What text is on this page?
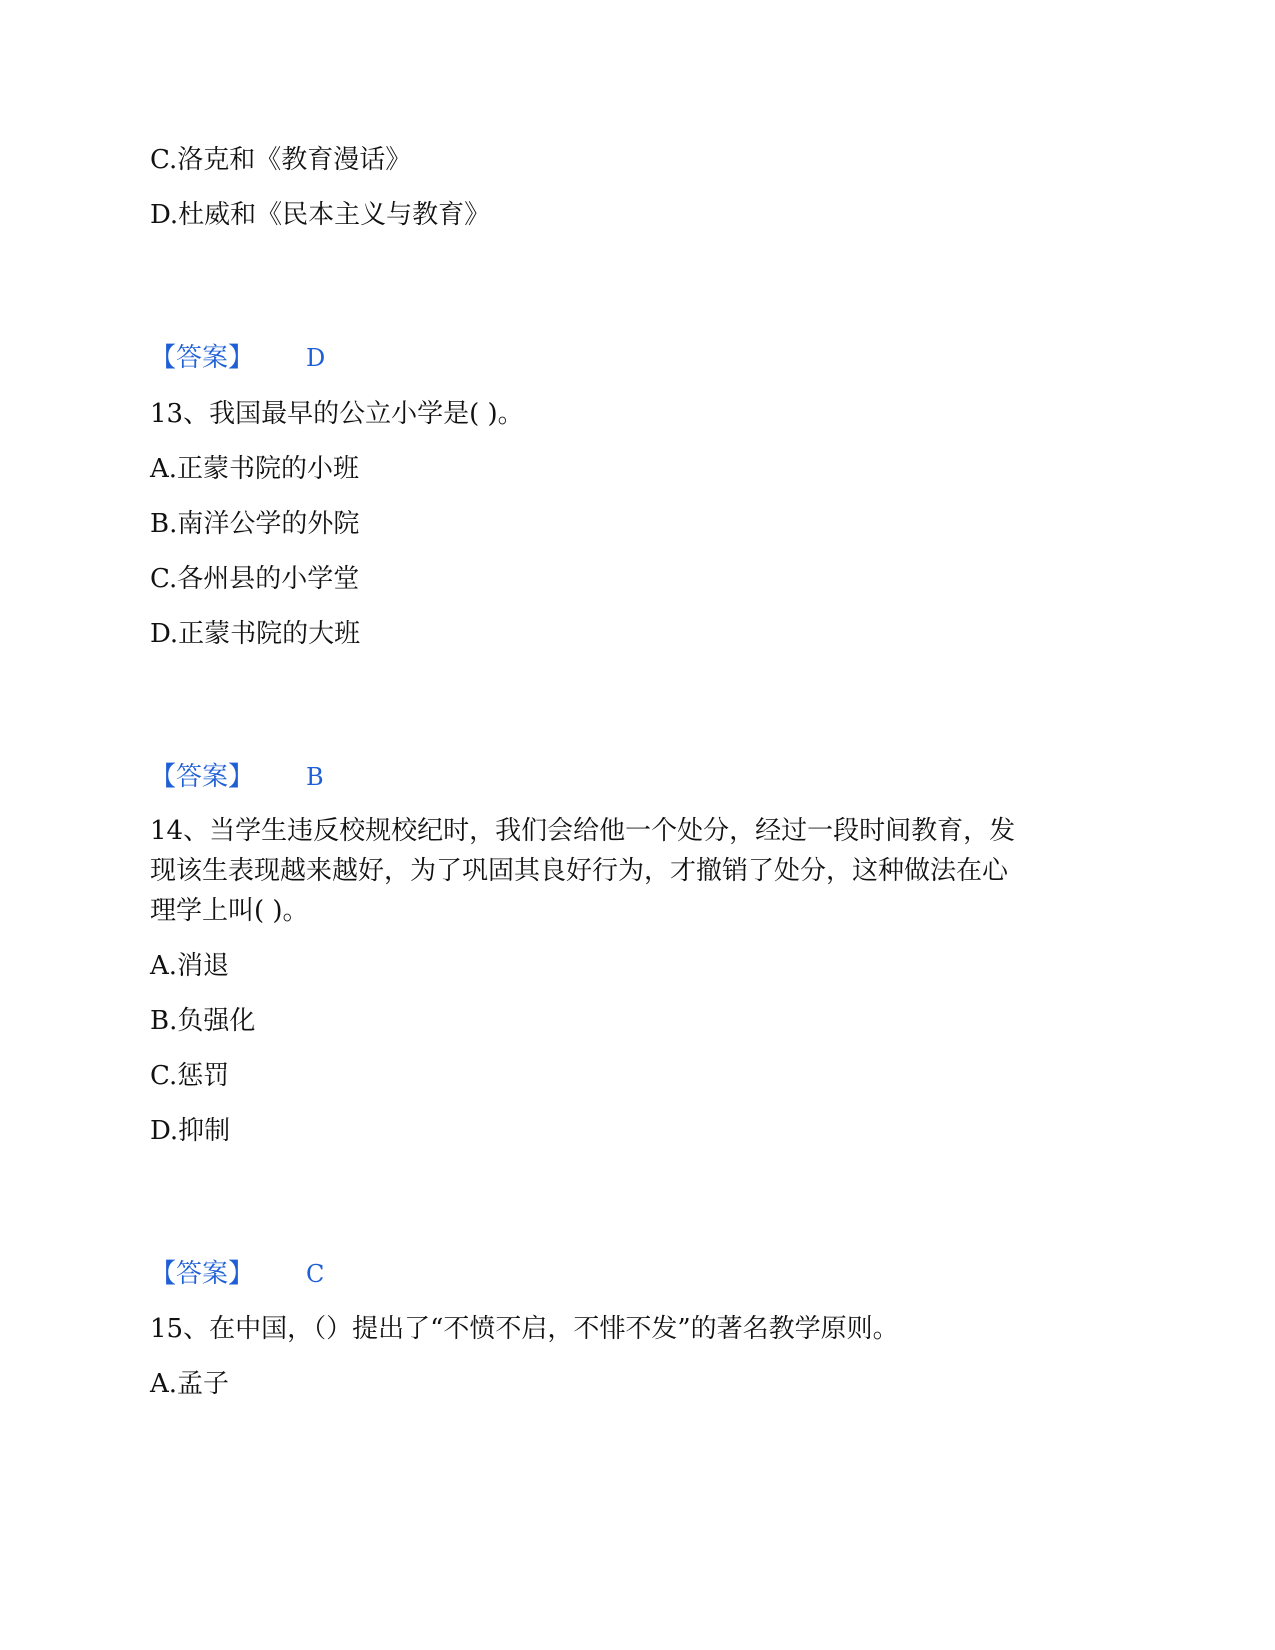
C.洛克和《教育漫话》
D.杜威和《民本主义与教育》
【答案】 D
13、我国最早的公立小学是( )。
A.正蒙书院的小班
B.南洋公学的外院
C.各州县的小学堂
D.正蒙书院的大班
【答案】 B
14、当学生违反校规校纪时，我们会给他一个处分，经过一段时间教育，发
现该生表现越来越好，为了巩固其良好行为，才撤销了处分，这种做法在心
理学上叫( )。
A.消退
B.负强化
C.惩罚
D.抑制
【答案】 C
15、在中国，（）提出了“不愤不启，不悱不发”的著名教学原则。
A.孟子
